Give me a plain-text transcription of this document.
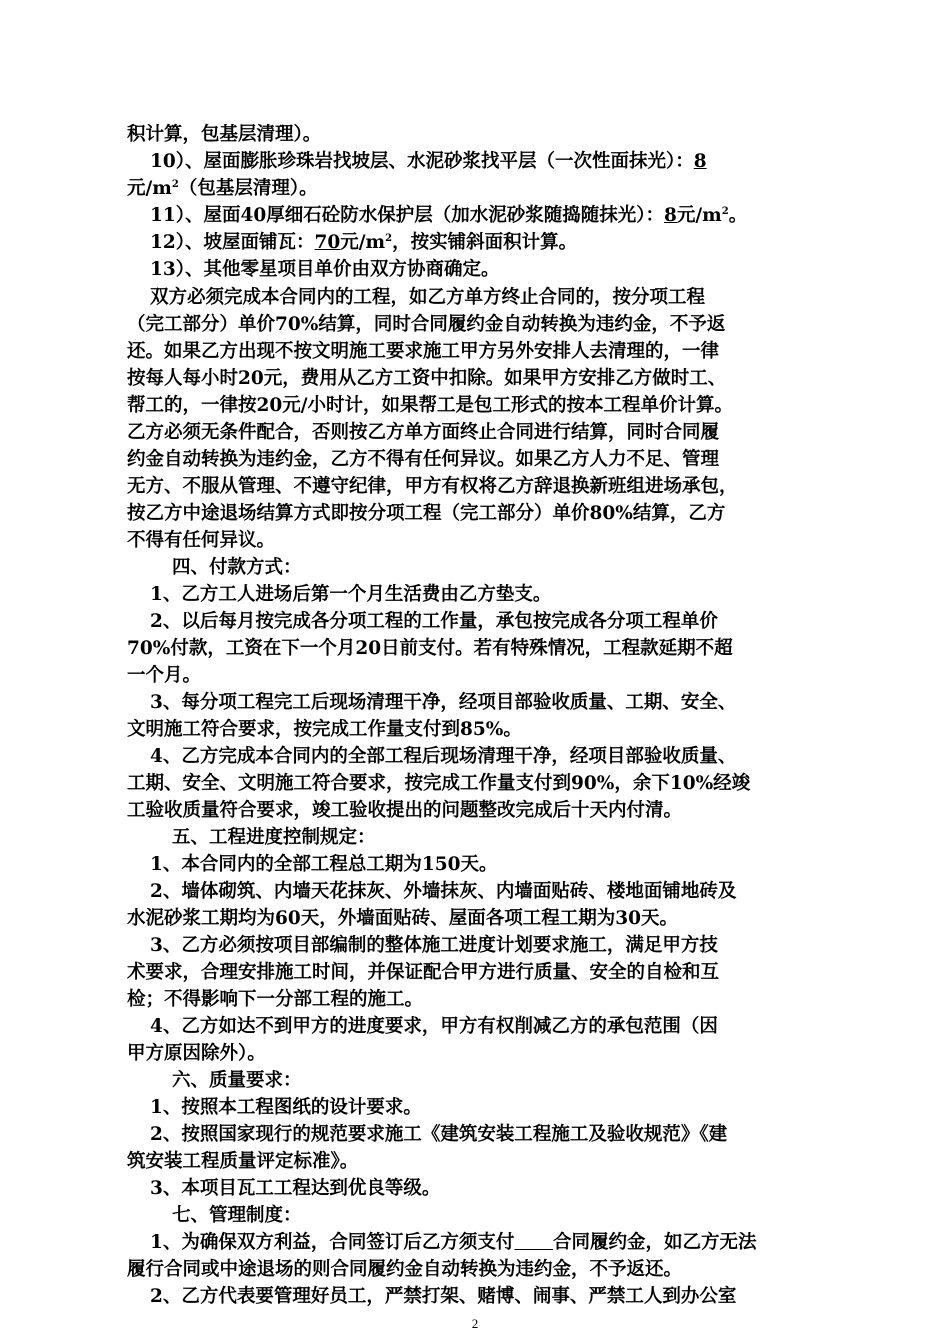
积计算，包基层清理）。
10）、屋面膨胀珍珠岩找坡层、水泥砂浆找平层（一次性面抹光）：8
元$/m^2$（包基层清理）。
11）、屋面40厚细石砼防水保护层（加水泥砂浆随捣随抹光）：8元$/m^2$。
12）、坡屋面铺瓦：70元$/m^2$，按实铺斜面积计算。
13）、其他零星项目单价由双方协商确定。
双方必须完成本合同内的工程，如乙方单方终止合同的，按分项工程
（完工部分）单价70%结算，同时合同履约金自动转换为违约金，不予返
还。如果乙方出现不按文明施工要求施工甲方另外安排人去清理的，一律
按每人每小时20元，费用从乙方工资中扣除。如果甲方安排乙方做时工、
帮工的，一律按20元/小时计，如果帮工是包工形式的按本工程单价计算。
乙方必须无条件配合，否则按乙方单方面终止合同进行结算，同时合同履
约金自动转换为违约金，乙方不得有任何异议。如果乙方人力不足、管理
无方、不服从管理、不遵守纪律，甲方有权将乙方辞退换新班组进场承包，
按乙方中途退场结算方式即按分项工程（完工部分）单价80%结算，乙方
不得有任何异议。
四、付款方式：
1、乙方工人进场后第一个月生活费由乙方垫支。
2、以后每月按完成各分项工程的工作量，承包按完成各分项工程单价
70%付款，工资在下一个月20日前支付。若有特殊情况，工程款延期不超
一个月。
3、每分项工程完工后现场清理干净，经项目部验收质量、工期、安全、
文明施工符合要求，按完成工作量支付到85%。
4、乙方完成本合同内的全部工程后现场清理干净，经项目部验收质量、
工期、安全、文明施工符合要求，按完成工作量支付到90%，余下10%经竣
工验收质量符合要求，竣工验收提出的问题整改完成后十天内付清。
五、工程进度控制规定：
1、本合同内的全部工程总工期为150天。
2、墙体砌筑、内墙天花抹灰、外墙抹灰、内墙面贴砖、楼地面铺地砖及
水泥砂浆工期均为60天，外墙面贴砖、屋面各项工程工期为30天。
3、乙方必须按项目部编制的整体施工进度计划要求施工，满足甲方技
术要求，合理安排施工时间，并保证配合甲方进行质量、安全的自检和互
检；不得影响下一分部工程的施工。
4、乙方如达不到甲方的进度要求，甲方有权削减乙方的承包范围（因
甲方原因除外）。
六、质量要求：
1、按照本工程图纸的设计要求。
2、按照国家现行的规范要求施工《建筑安装工程施工及验收规范》《建
筑安装工程质量评定标准》。
3、本项目瓦工工程达到优良等级。
七、管理制度：
1、为确保双方利益，合同签订后乙方须支付 合同履约金，如乙方无法
履行合同或中途退场的则合同履约金自动转换为违约金，不予返还。
2、乙方代表要管理好员工，严禁打架、赌博、闹事、严禁工人到办公室
2
